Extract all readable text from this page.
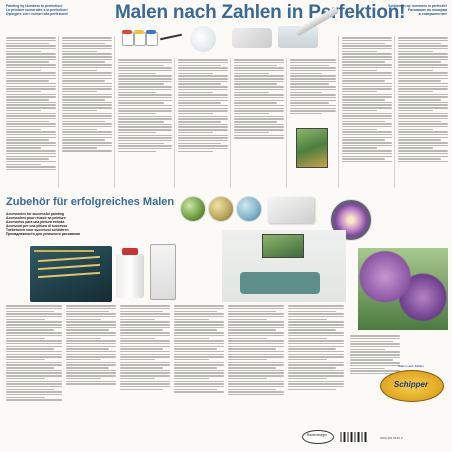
Painting by Numbers to perfection!
La peinture numérotée à la perfection!
Dipingere con i numeri alla perfezione!	Malen nach Zahlen in Perfektion!
Schilderen op nummers in perfectie!
Рисование по номерам
в совершенстве!
Zubehör für erfolgreiches Malen
Accessories for successful painting
Accessoires pour réussir sa peinture
Accesorios para una pintura exitosa
Accessori per una pittura di successo
Toebehoren voor succesvol schilderen
Принадлежности для успешного рисования
Schipper
Malen nach Zahlen
Ravensburger
0000 101 9145 0
